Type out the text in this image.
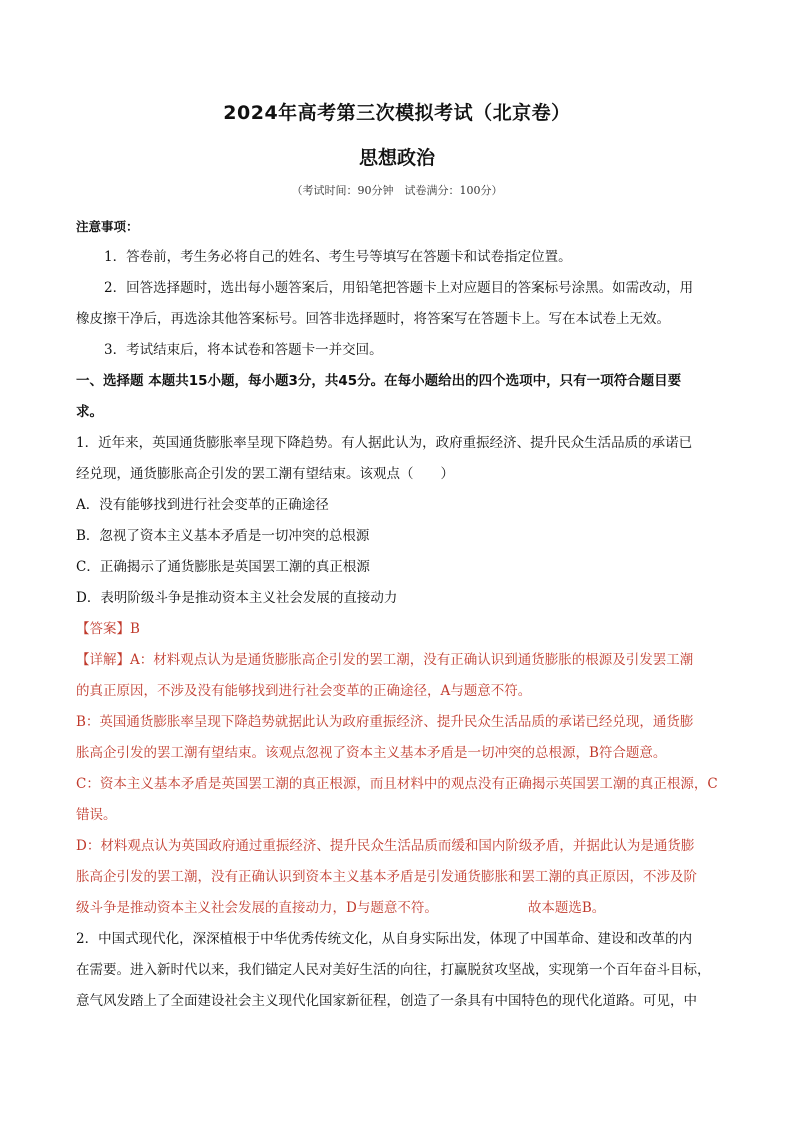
2024年高考第三次模拟考试（北京卷）
思想政治
（考试时间：90分钟　试卷满分：100分）
注意事项：
1．答卷前，考生务必将自己的姓名、考生号等填写在答题卡和试卷指定位置。
2．回答选择题时，选出每小题答案后，用铅笔把答题卡上对应题目的答案标号涂黑。如需改动，用
橡皮擦干净后，再选涂其他答案标号。回答非选择题时，将答案写在答题卡上。写在本试卷上无效。
3．考试结束后，将本试卷和答题卡一并交回。
一、选择题 本题共15小题，每小题3分，共45分。在每小题给出的四个选项中，只有一项符合题目要
求。
1．近年来，英国通货膨胀率呈现下降趋势。有人据此认为，政府重振经济、提升民众生活品质的承诺已
经兑现，通货膨胀高企引发的罢工潮有望结束。该观点（　　）
A．没有能够找到进行社会变革的正确途径
B．忽视了资本主义基本矛盾是一切冲突的总根源
C．正确揭示了通货膨胀是英国罢工潮的真正根源
D．表明阶级斗争是推动资本主义社会发展的直接动力
【答案】B
【详解】A：材料观点认为是通货膨胀高企引发的罢工潮，没有正确认识到通货膨胀的根源及引发罢工潮
的真正原因，不涉及没有能够找到进行社会变革的正确途径，A与题意不符。
B：英国通货膨胀率呈现下降趋势就据此认为政府重振经济、提升民众生活品质的承诺已经兑现，通货膨
胀高企引发的罢工潮有望结束。该观点忽视了资本主义基本矛盾是一切冲突的总根源，B符合题意。
C：资本主义基本矛盾是英国罢工潮的真正根源，而且材料中的观点没有正确揭示英国罢工潮的真正根源，C
错误。
D：材料观点认为英国政府通过重振经济、提升民众生活品质而缓和国内阶级矛盾，并据此认为是通货膨
胀高企引发的罢工潮，没有正确认识到资本主义基本矛盾是引发通货膨胀和罢工潮的真正原因，不涉及阶
级斗争是推动资本主义社会发展的直接动力，D与题意不符。	故本题选B。
2．中国式现代化，深深植根于中华优秀传统文化，从自身实际出发，体现了中国革命、建设和改革的内
在需要。进入新时代以来，我们锚定人民对美好生活的向往，打赢脱贫攻坚战，实现第一个百年奋斗目标，
意气风发踏上了全面建设社会主义现代化国家新征程，创造了一条具有中国特色的现代化道路。可见，中
